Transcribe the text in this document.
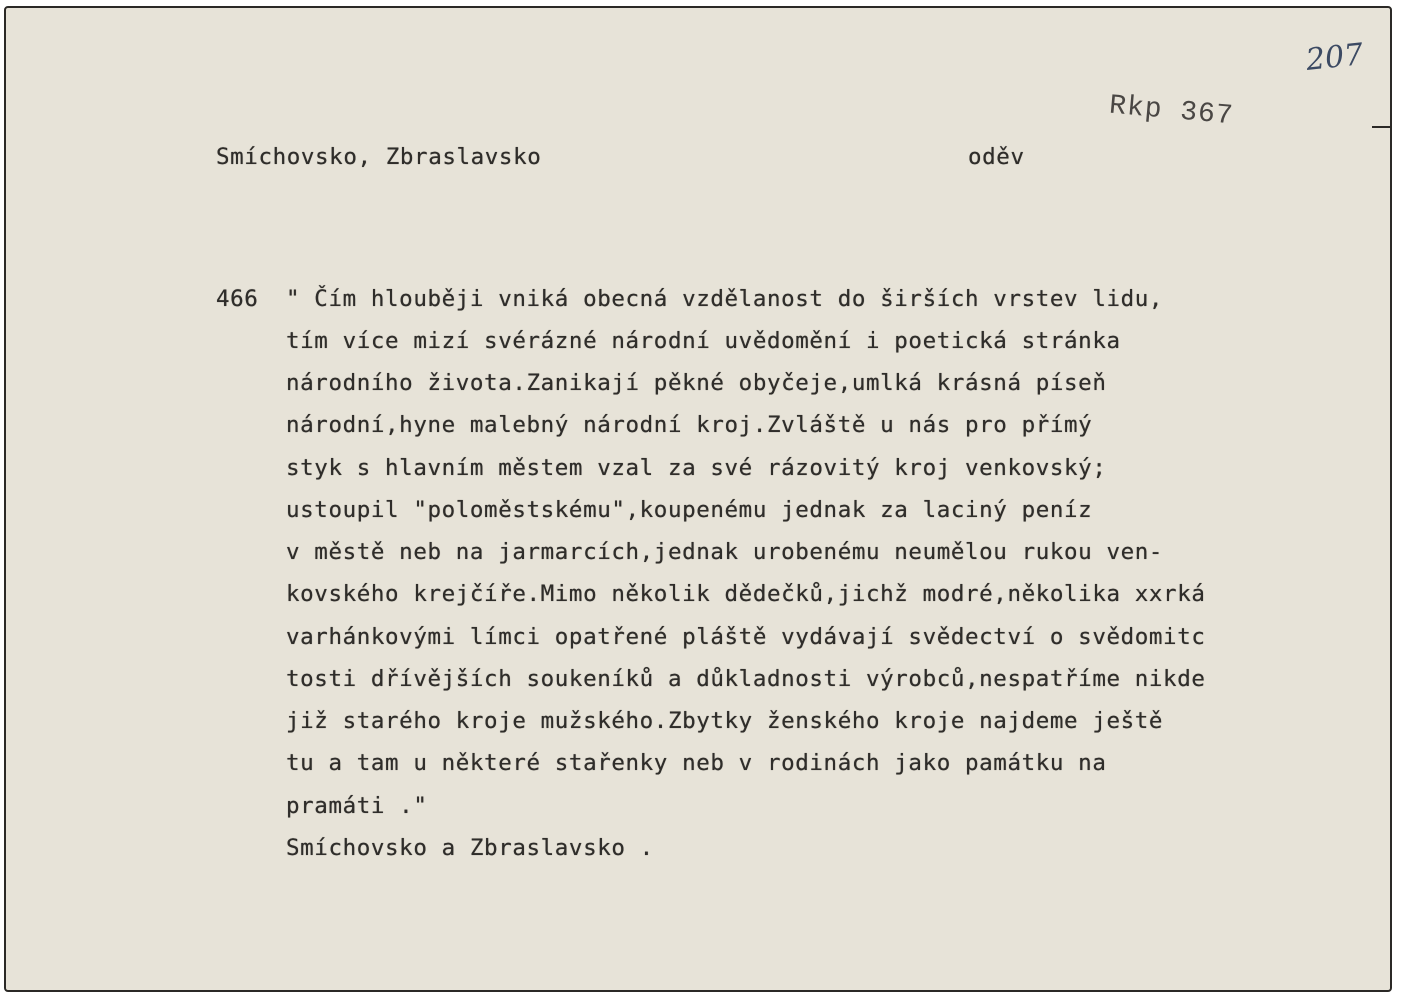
207
Rkp 367
Smíchovsko, Zbraslavsko	oděv
466 " Čím hlouběji vniká obecná vzdělanost do širších vrstev lidu,
tím více mizí svérázné národní uvědomění i poetická stránka
národního života.Zanikají pěkné obyčeje,umlká krásná píseň
národní,hyne malebný národní kroj.Zvláště u nás pro přímý
styk s hlavním městem vzal za své rázovitý kroj venkovský;
ustoupil "poloměstskému",koupenému jednak za laciný peníz
v městě neb na jarmarcích,jednak urobenému neumělou rukou ven-
kovského krejčíře.Mimo několik dědečků,jichž modré,několika xxrká
varhánkovými límci opatřené pláště vydávají svědectví o svědomitc
tosti dřívějších soukeníků a důkladnosti výrobců,nespatříme nikde
již starého kroje mužského.Zbytky ženského kroje najdeme ještě
tu a tam u některé stařenky neb v rodinách jako památku na
pramáti ."
Smíchovsko a Zbraslavsko .
